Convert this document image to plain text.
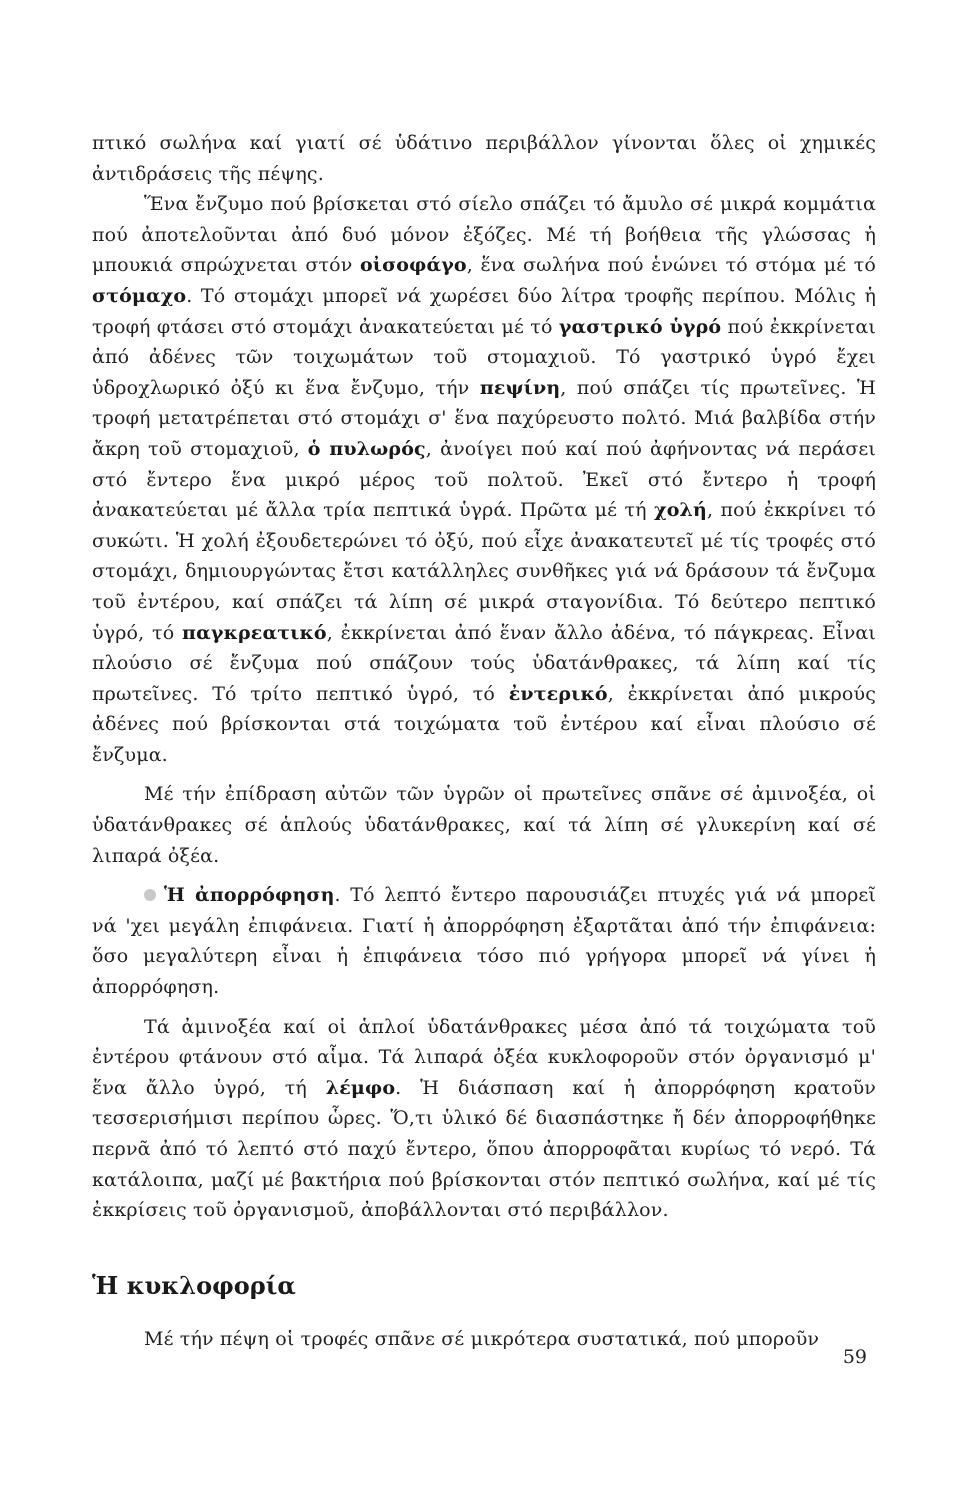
πτικό σωλήνα καί γιατί σέ ὑδάτινο περιβάλλον γίνονται ὅλες οἱ χημικές ἀντιδράσεις τῆς πέψης.

Ἕνα ἔνζυμο πού βρίσκεται στό σίελο σπάζει τό ἄμυλο σέ μικρά κομμάτια πού ἀποτελοῦνται ἀπό δυό μόνον ἐξόζες. Μέ τή βοήθεια τῆς γλώσσας ἡ μπουκιά σπρώχνεται στόν οἰσοφάγο, ἕνα σωλήνα πού ἑνώνει τό στόμα μέ τό στόμαχο. Τό στομάχι μπορεῖ νά χωρέσει δύο λίτρα τροφῆς περίπου. Μόλις ἡ τροφή φτάσει στό στομάχι ἀνακατεύεται μέ τό γαστρικό ὑγρό πού ἐκκρίνεται ἀπό ἀδένες τῶν τοιχωμάτων τοῦ στομαχιοῦ. Τό γαστρικό ὑγρό ἔχει ὑδροχλωρικό ὀξύ κι ἕνα ἔνζυμο, τήν πεψίνη, πού σπάζει τίς πρωτεῖνες. Ἡ τροφή μετατρέπεται στό στομάχι σ' ἕνα παχύρευστο πολτό. Μιά βαλβίδα στήν ἄκρη τοῦ στομαχιοῦ, ὁ πυλωρός, ἀνοίγει πού καί πού ἀφήνοντας νά περάσει στό ἔντερο ἕνα μικρό μέρος τοῦ πολτοῦ. Ἐκεῖ στό ἔντερο ἡ τροφή ἀνακατεύεται μέ ἄλλα τρία πεπτικά ὑγρά. Πρῶτα μέ τή χολή, πού ἐκκρίνει τό συκώτι. Ἡ χολή ἐξουδετερώνει τό ὀξύ, πού εἶχε ἀνακατευτεῖ μέ τίς τροφές στό στομάχι, δημιουργώντας ἔτσι κατάλληλες συνθῆκες γιά νά δράσουν τά ἔνζυμα τοῦ ἐντέρου, καί σπάζει τά λίπη σέ μικρά σταγονίδια. Τό δεύτερο πεπτικό ὑγρό, τό παγκρεατικό, ἐκκρίνεται ἀπό ἕναν ἄλλο ἀδένα, τό πάγκρεας. Εἶναι πλούσιο σέ ἔνζυμα πού σπάζουν τούς ὑδατάνθρακες, τά λίπη καί τίς πρωτεῖνες. Τό τρίτο πεπτικό ὑγρό, τό ἐντερικό, ἐκκρίνεται ἀπό μικρούς ἀδένες πού βρίσκονται στά τοιχώματα τοῦ ἐντέρου καί εἶναι πλούσιο σέ ἔνζυμα.

Μέ τήν ἐπίδραση αὐτῶν τῶν ὑγρῶν οἱ πρωτεῖνες σπᾶνε σέ ἀμινοξέα, οἱ ὑδατάνθρακες σέ ἁπλούς ὑδατάνθρακες, καί τά λίπη σέ γλυκερίνη καί σέ λιπαρά ὀξέα.

Ἡ ἀπορρόφηση. Τό λεπτό ἔντερο παρουσιάζει πτυχές γιά νά μπορεῖ νά 'χει μεγάλη ἐπιφάνεια. Γιατί ἡ ἀπορρόφηση ἐξαρτᾶται ἀπό τήν ἐπιφάνεια: ὅσο μεγαλύτερη εἶναι ἡ ἐπιφάνεια τόσο πιό γρήγορα μπορεῖ νά γίνει ἡ ἀπορρόφηση.

Τά ἀμινοξέα καί οἱ ἁπλοί ὑδατάνθρακες μέσα ἀπό τά τοιχώματα τοῦ ἐντέρου φτάνουν στό αἷμα. Τά λιπαρά ὀξέα κυκλοφοροῦν στόν ὀργανισμό μ' ἕνα ἄλλο ὑγρό, τή λέμφο. Ἡ διάσπαση καί ἡ ἀπορρόφηση κρατοῦν τεσσερισήμισι περίπου ὧρες. Ὅ,τι ὑλικό δέ διασπάστηκε ἤ δέν ἀπορροφήθηκε περνᾶ ἀπό τό λεπτό στό παχύ ἔντερο, ὅπου ἀπορροφᾶται κυρίως τό νερό. Τά κατάλοιπα, μαζί μέ βακτήρια πού βρίσκονται στόν πεπτικό σωλήνα, καί μέ τίς ἐκκρίσεις τοῦ ὀργανισμοῦ, ἀποβάλλονται στό περιβάλλον.

Ἡ κυκλοφορία

Μέ τήν πέψη οἱ τροφές σπᾶνε σέ μικρότερα συστατικά, πού μποροῦν

59
